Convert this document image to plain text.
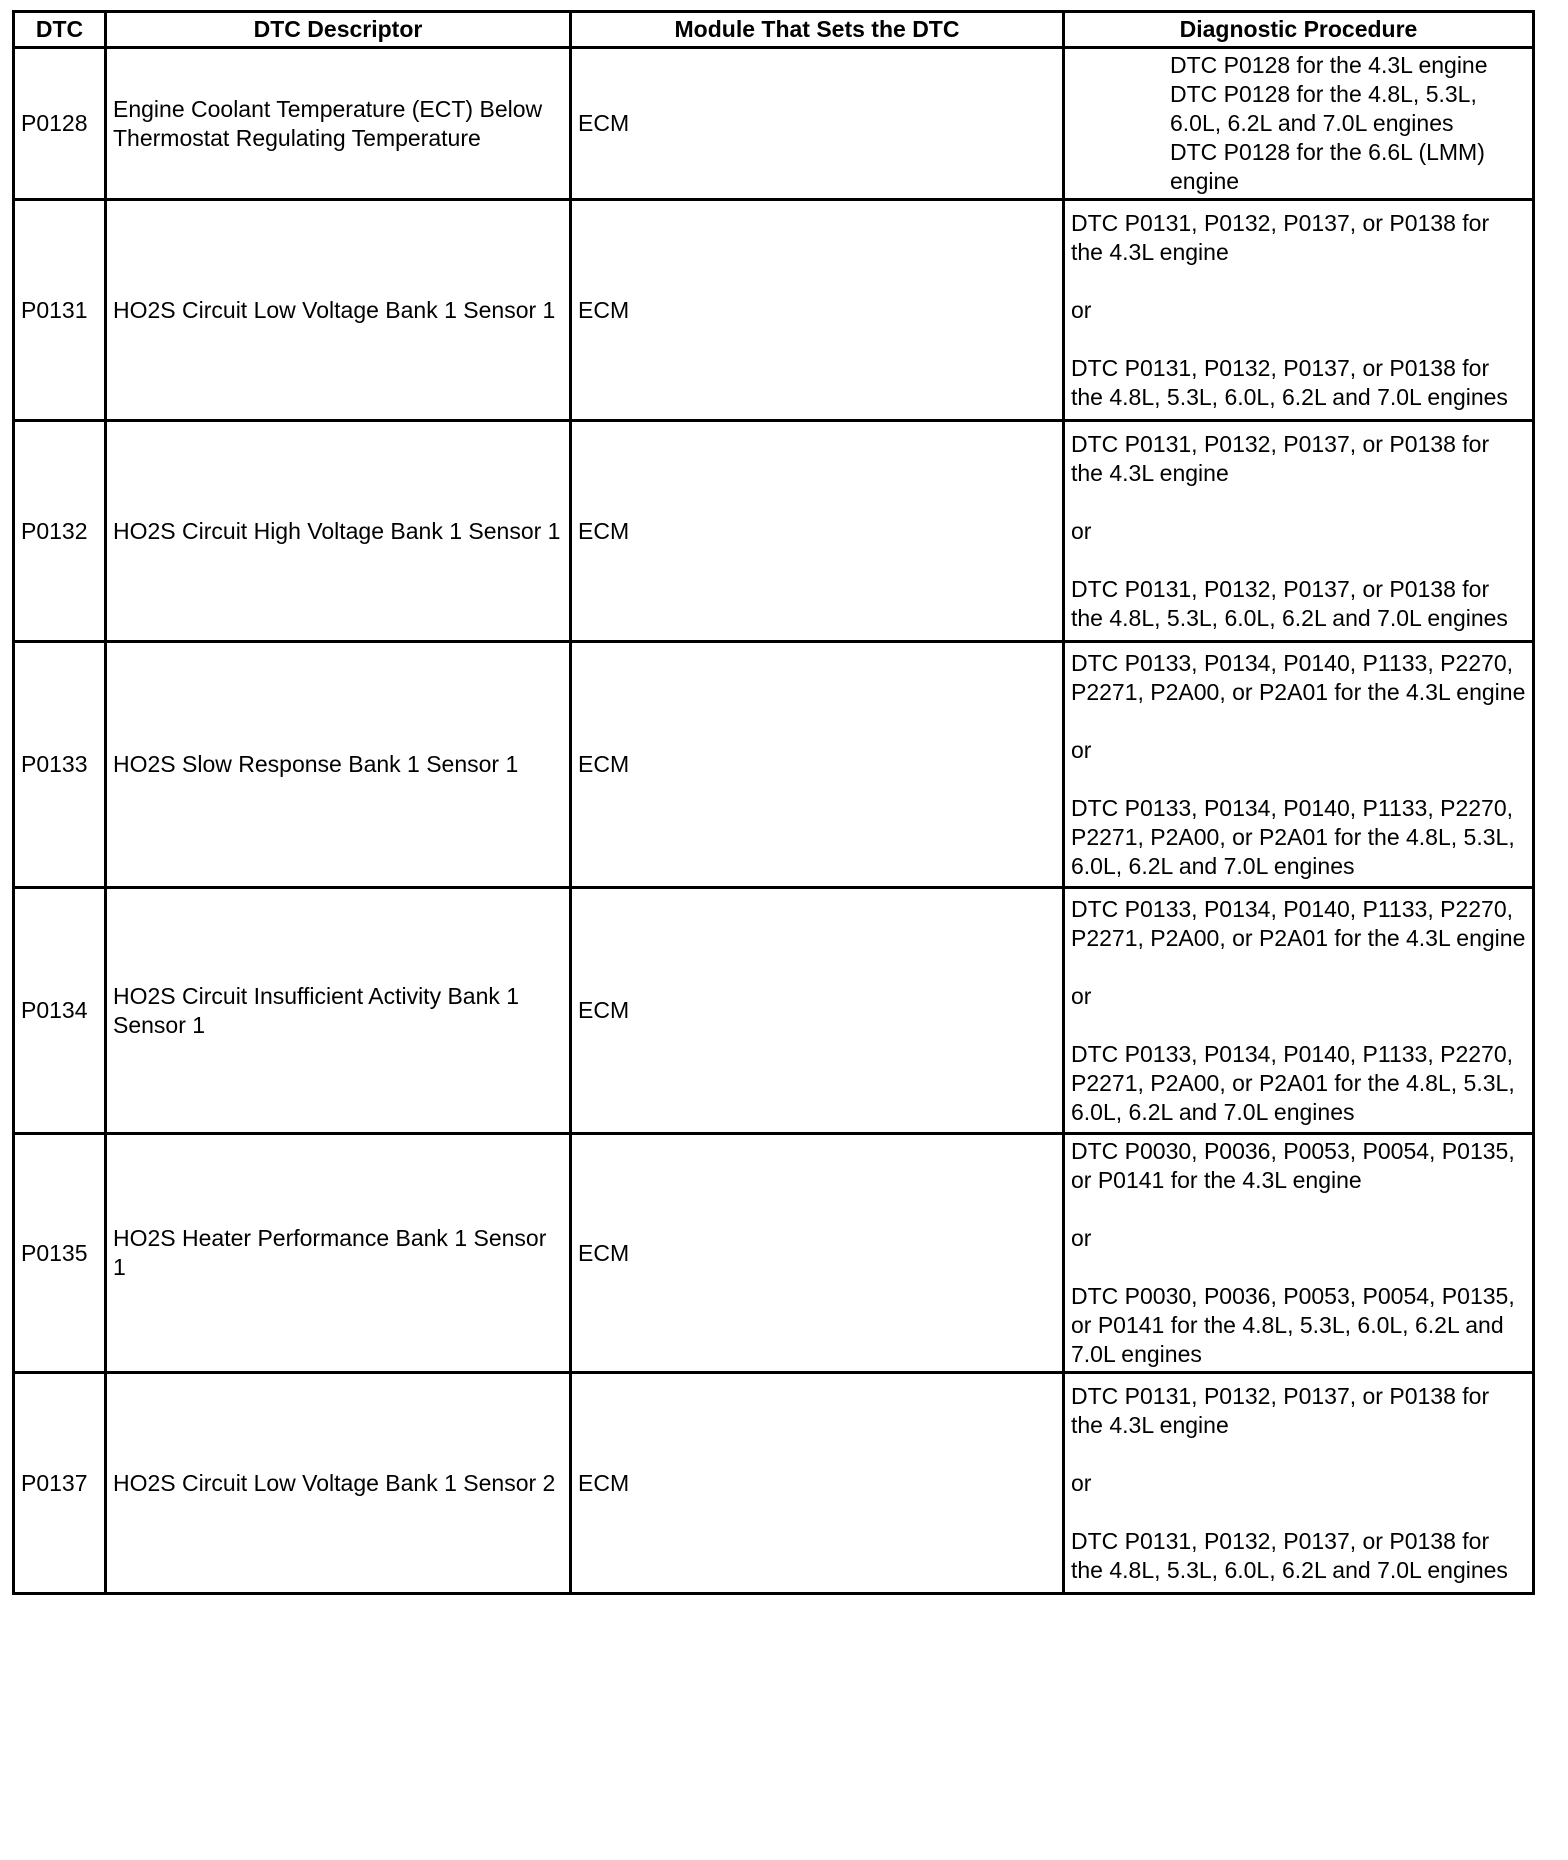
DTC	DTC Descriptor	Module That Sets the DTC	Diagnostic Procedure
P0128	Engine Coolant Temperature (ECT) Below Thermostat Regulating Temperature	ECM	DTC P0128 for the 4.3L engine
DTC P0128 for the 4.8L, 5.3L, 6.0L, 6.2L and 7.0L engines
DTC P0128 for the 6.6L (LMM) engine

P0131	HO2S Circuit Low Voltage Bank 1 Sensor 1	ECM	DTC P0131, P0132, P0137, or P0138 for the 4.3L engine
or
DTC P0131, P0132, P0137, or P0138 for the 4.8L, 5.3L, 6.0L, 6.2L and 7.0L engines

P0132	HO2S Circuit High Voltage Bank 1 Sensor 1	ECM	DTC P0131, P0132, P0137, or P0138 for the 4.3L engine
or
DTC P0131, P0132, P0137, or P0138 for the 4.8L, 5.3L, 6.0L, 6.2L and 7.0L engines

P0133	HO2S Slow Response Bank 1 Sensor 1	ECM	DTC P0133, P0134, P0140, P1133, P2270, P2271, P2A00, or P2A01 for the 4.3L engine
or
DTC P0133, P0134, P0140, P1133, P2270, P2271, P2A00, or P2A01 for the 4.8L, 5.3L, 6.0L, 6.2L and 7.0L engines

P0134	HO2S Circuit Insufficient Activity Bank 1 Sensor 1	ECM	DTC P0133, P0134, P0140, P1133, P2270, P2271, P2A00, or P2A01 for the 4.3L engine
or
DTC P0133, P0134, P0140, P1133, P2270, P2271, P2A00, or P2A01 for the 4.8L, 5.3L, 6.0L, 6.2L and 7.0L engines

P0135	HO2S Heater Performance Bank 1 Sensor 1	ECM	DTC P0030, P0036, P0053, P0054, P0135, or P0141 for the 4.3L engine
or
DTC P0030, P0036, P0053, P0054, P0135, or P0141 for the 4.8L, 5.3L, 6.0L, 6.2L and 7.0L engines

P0137	HO2S Circuit Low Voltage Bank 1 Sensor 2	ECM	DTC P0131, P0132, P0137, or P0138 for the 4.3L engine
or
DTC P0131, P0132, P0137, or P0138 for the 4.8L, 5.3L, 6.0L, 6.2L and 7.0L engines
